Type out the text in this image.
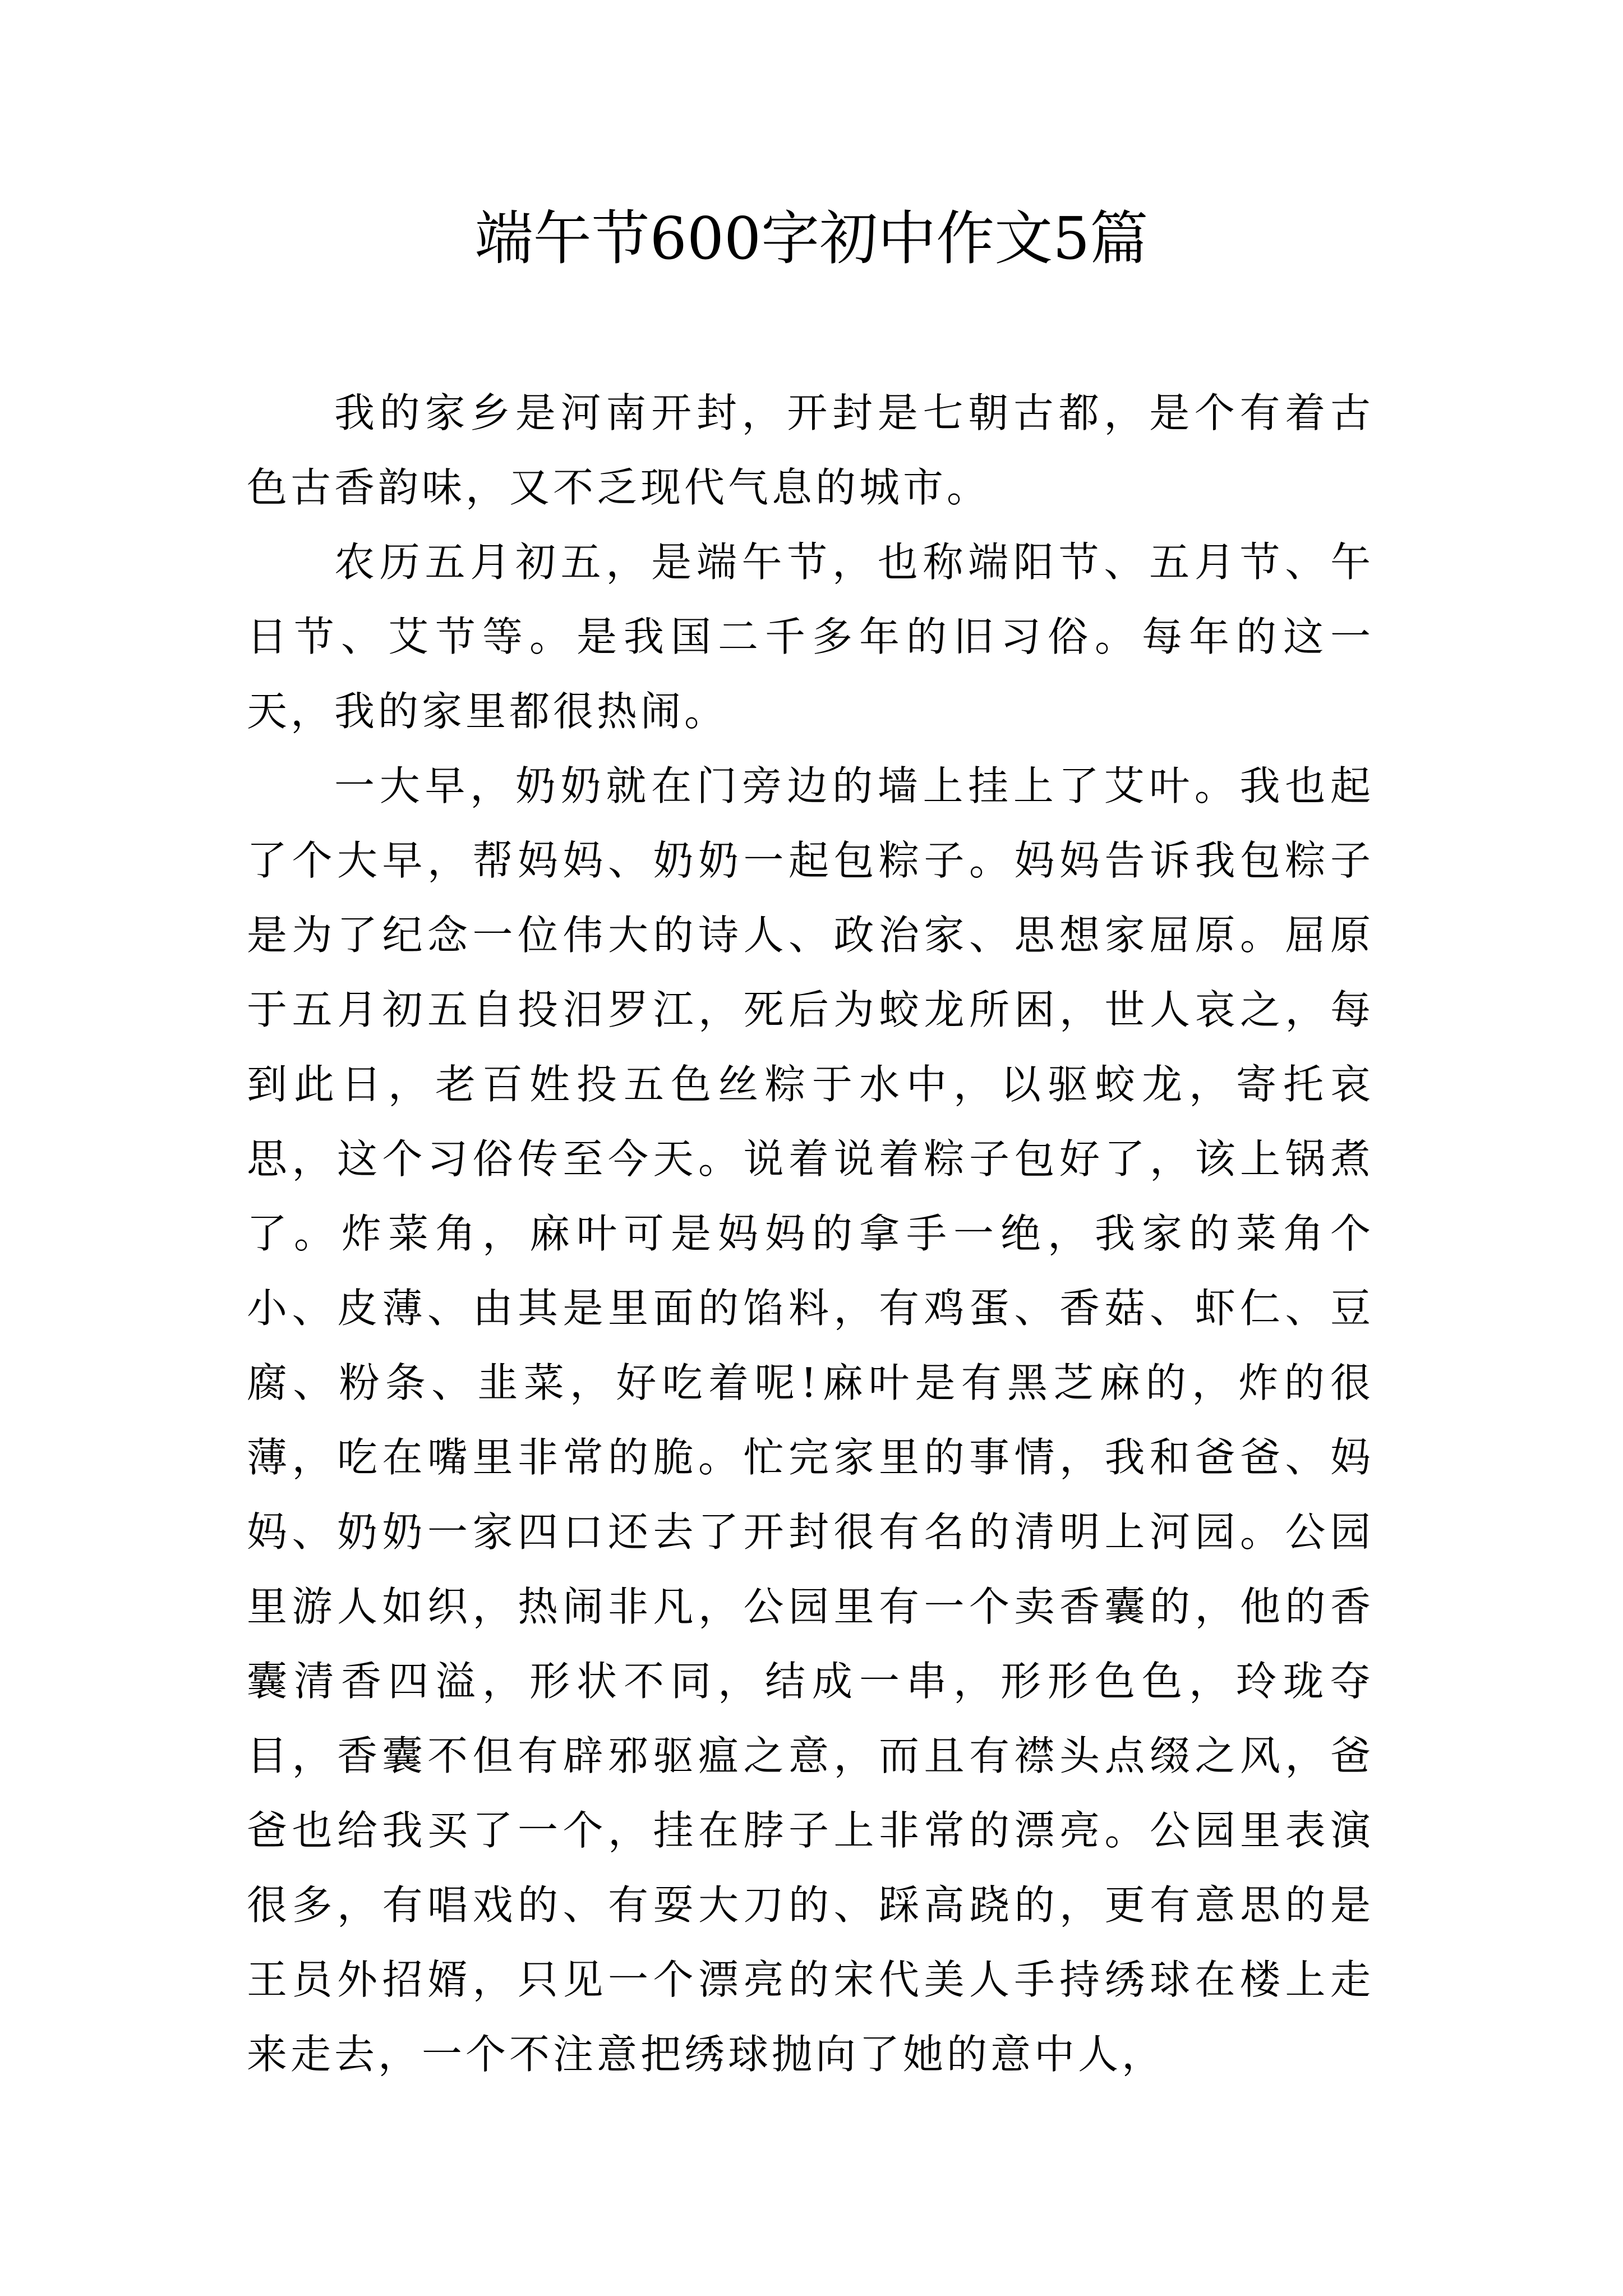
端午节600字初中作文5篇

我的家乡是河南开封，开封是七朝古都，是个有着古色古香韵味，又不乏现代气息的城市。

农历五月初五，是端午节，也称端阳节、五月节、午日节、艾节等。是我国二千多年的旧习俗。每年的这一天，我的家里都很热闹。

一大早，奶奶就在门旁边的墙上挂上了艾叶。我也起了个大早，帮妈妈、奶奶一起包粽子。妈妈告诉我包粽子是为了纪念一位伟大的诗人、政治家、思想家屈原。屈原于五月初五自投汨罗江，死后为蛟龙所困，世人哀之，每到此日，老百姓投五色丝粽于水中，以驱蛟龙，寄托哀思，这个习俗传至今天。说着说着粽子包好了，该上锅煮了。炸菜角，麻叶可是妈妈的拿手一绝，我家的菜角个小、皮薄、由其是里面的馅料，有鸡蛋、香菇、虾仁、豆腐、粉条、韭菜，好吃着呢!麻叶是有黑芝麻的，炸的很薄，吃在嘴里非常的脆。忙完家里的事情，我和爸爸、妈妈、奶奶一家四口还去了开封很有名的清明上河园。公园里游人如织，热闹非凡，公园里有一个卖香囊的，他的香囊清香四溢，形状不同，结成一串，形形色色，玲珑夺目，香囊不但有辟邪驱瘟之意，而且有襟头点缀之风，爸爸也给我买了一个，挂在脖子上非常的漂亮。公园里表演很多，有唱戏的、有耍大刀的、踩高跷的，更有意思的是王员外招婿，只见一个漂亮的宋代美人手持绣球在楼上走来走去，一个不注意把绣球抛向了她的意中人，
